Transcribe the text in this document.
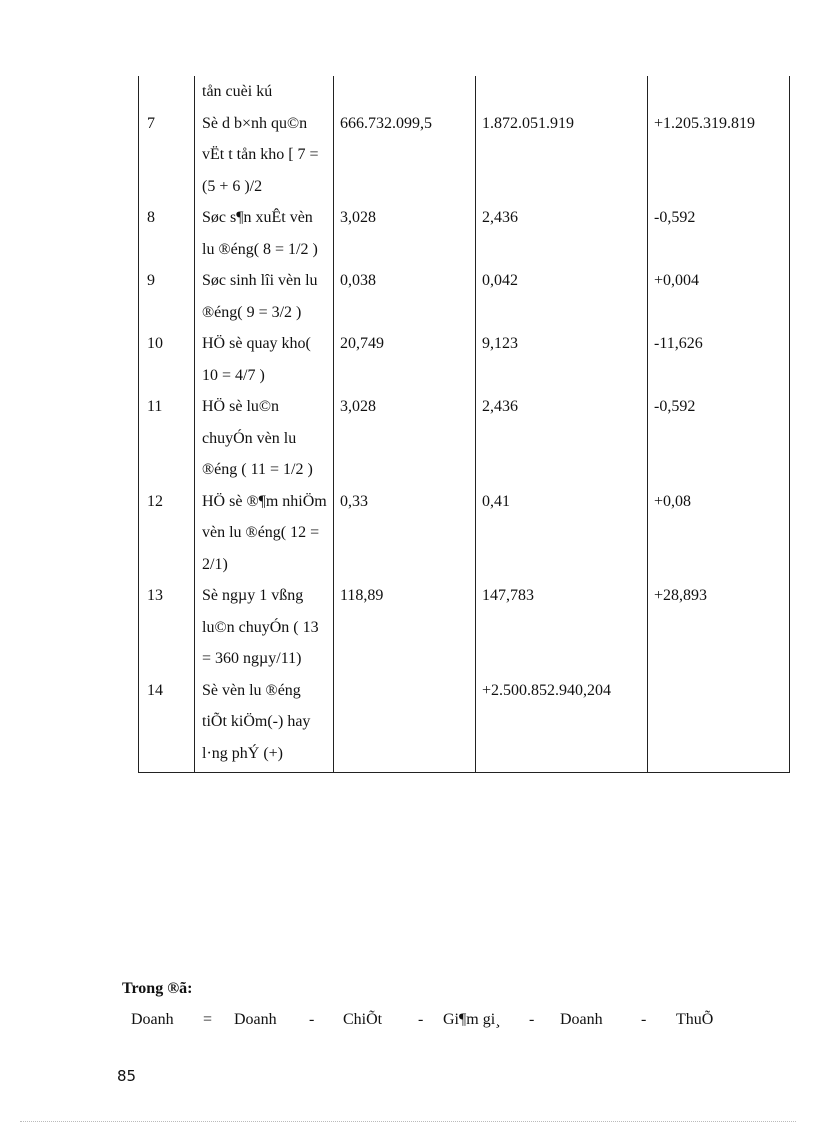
	tån cuèi kú			
7	Sè d b×nh qu©n vËt t tån kho [ 7 = (5 + 6 )/2	666.732.099,5	1.872.051.919	+1.205.319.819
8	Søc s¶n xuÊt vèn lu ®éng( 8 = 1/2 )	3,028	2,436	-0,592
9	Søc sinh lîi vèn lu ®éng( 9 = 3/2 )	0,038	0,042	+0,004
10	HÖ sè quay kho( 10 = 4/7 )	20,749	9,123	-11,626
11	HÖ sè lu©n chuyÓn vèn lu ®éng ( 11 = 1/2 )	3,028	2,436	-0,592
12	HÖ sè ®¶m nhiÖm vèn lu ®éng( 12 = 2/1)	0,33	0,41	+0,08
13	Sè ngµy 1 vßng lu©n chuyÓn ( 13 = 360 ngµy/11)	118,89	147,783	+28,893
14	Sè vèn lu ®éng tiÕt kiÖm(-) hay l·ng phÝ (+)		+2.500.852.940,204	
Trong ®ã:
Doanh = Doanh - ChiÕt - Gi¶m gi¸ - Doanh - ThuÕ
85
